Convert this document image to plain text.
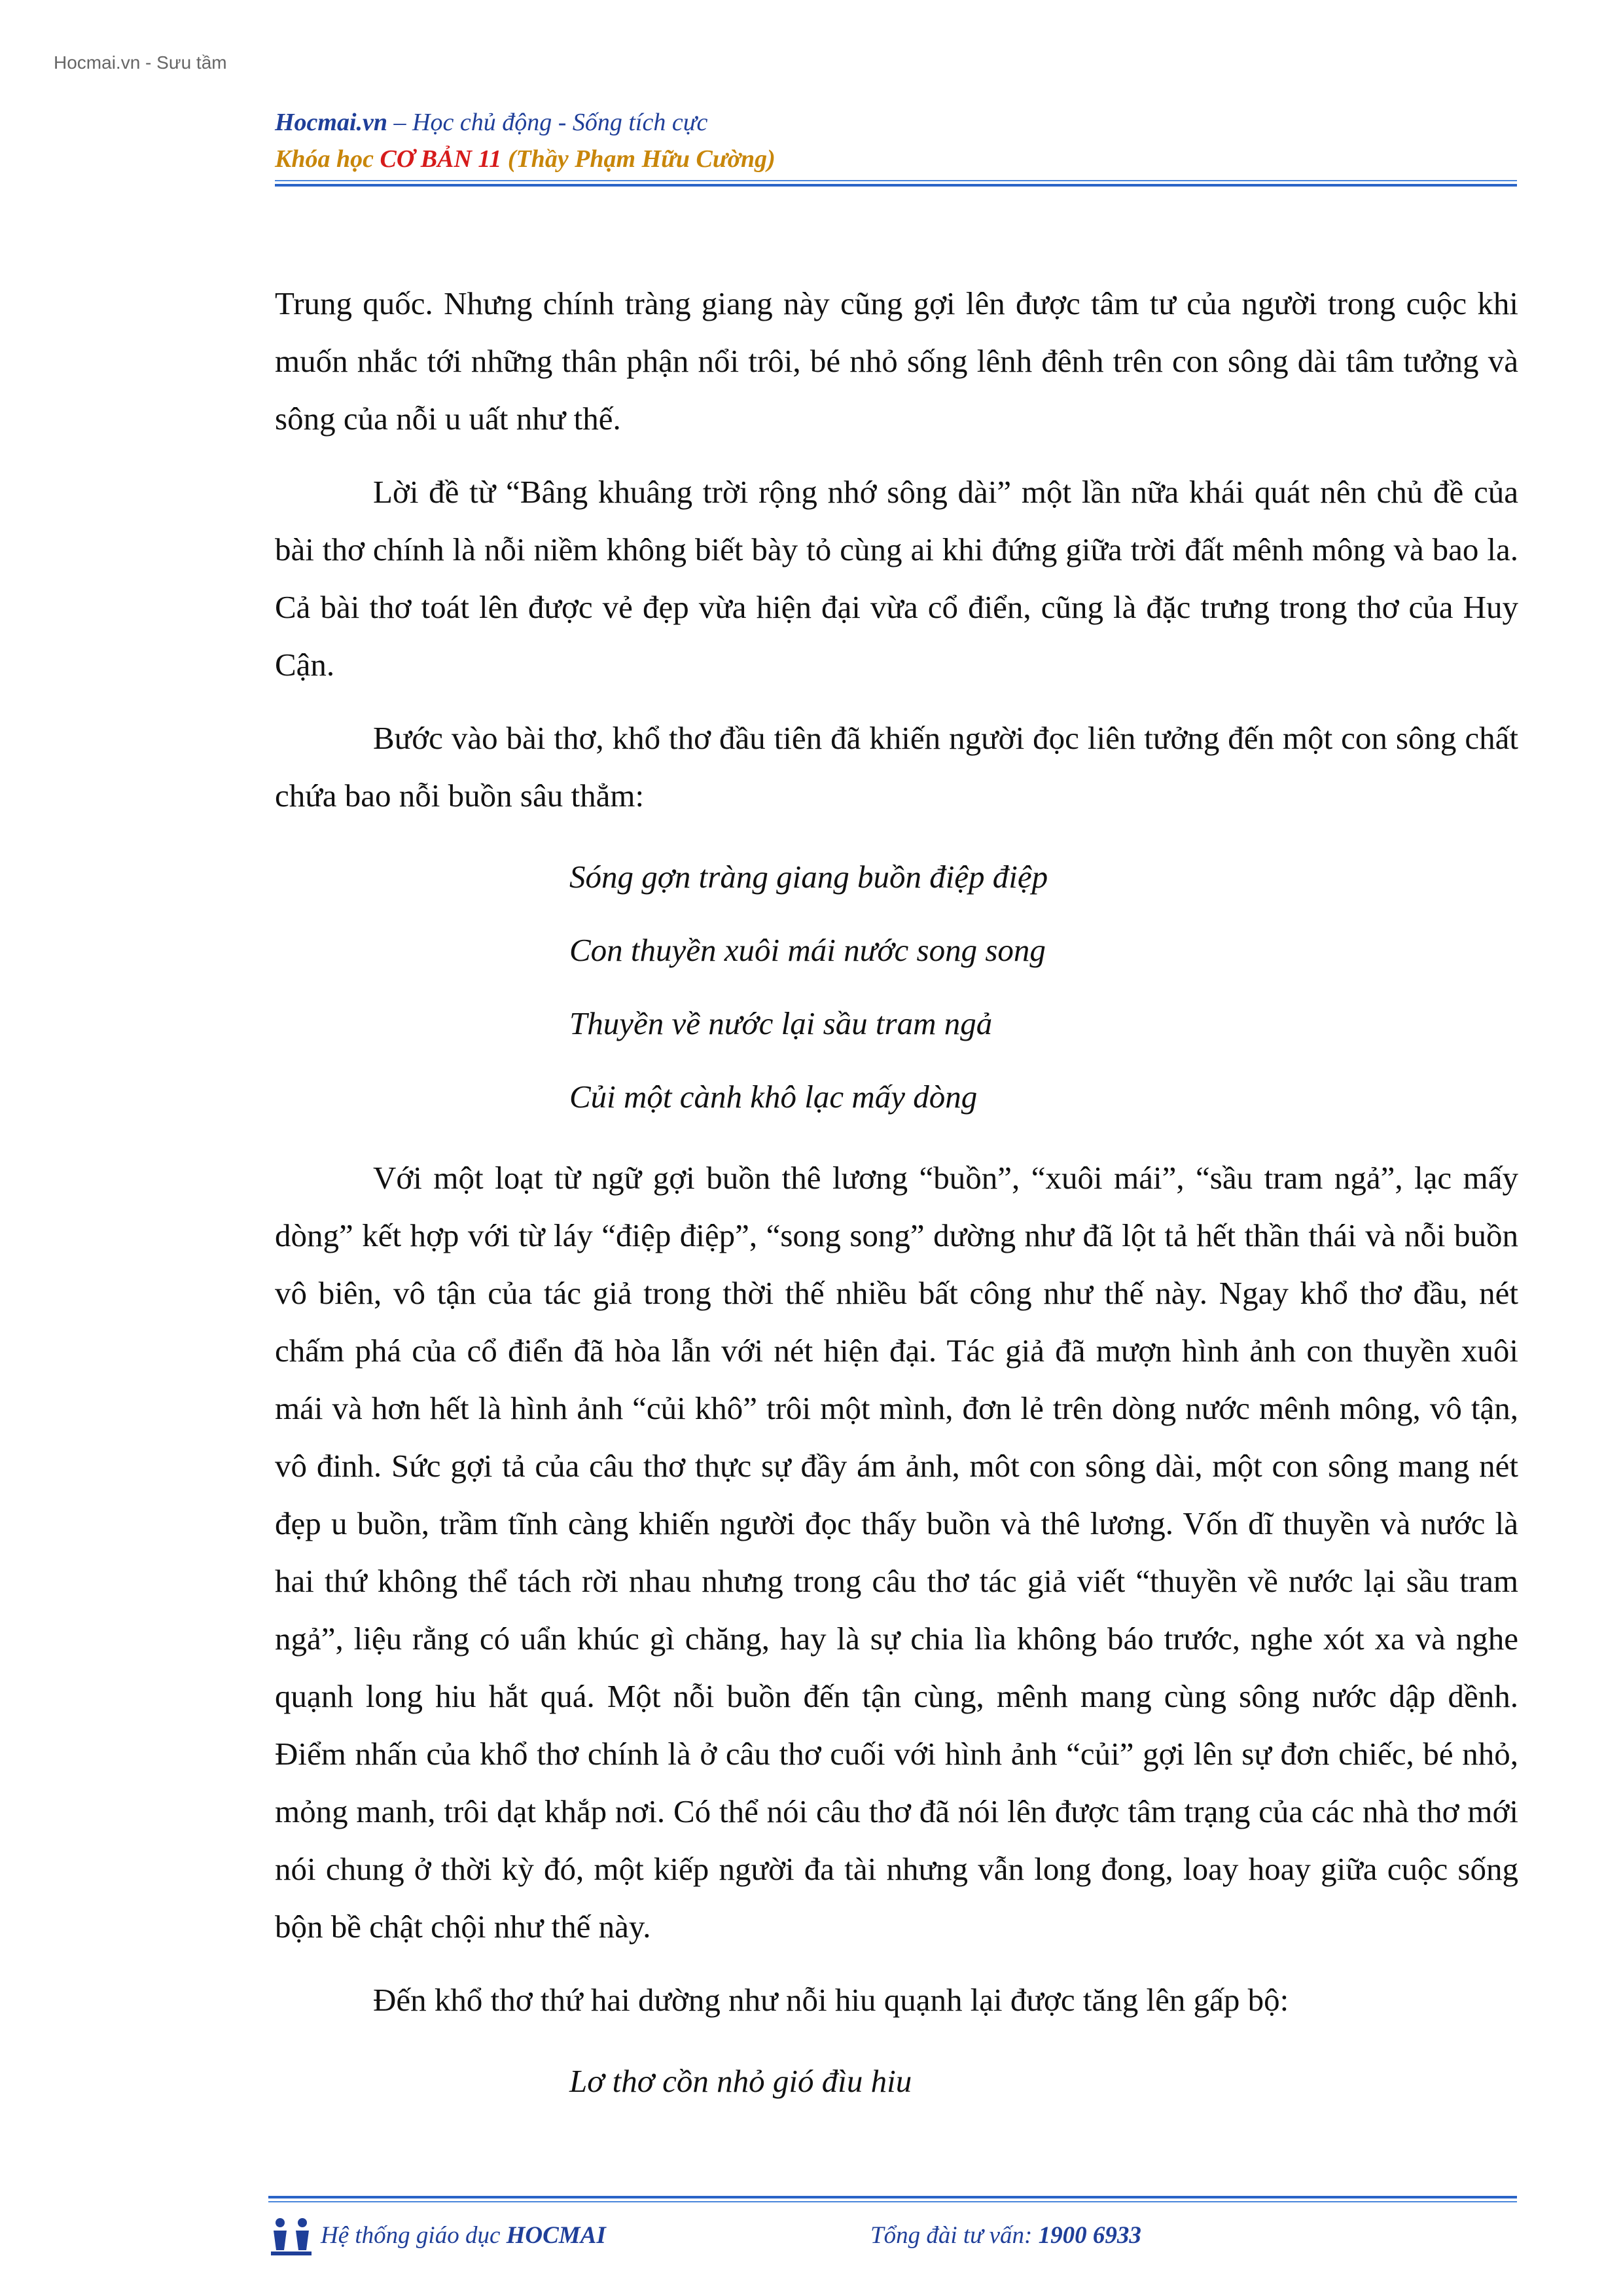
Hocmai.vn - Sưu tầm
Hocmai.vn – Học chủ động - Sống tích cực
Khóa học CƠ BẢN 11 (Thầy Phạm Hữu Cường)

Trung quốc. Nhưng chính tràng giang này cũng gợi lên được tâm tư của người trong cuộc khi muốn nhắc tới những thân phận nổi trôi, bé nhỏ sống lênh đênh trên con sông dài tâm tưởng và sông của nỗi u uất như thế.

Lời đề từ “Bâng khuâng trời rộng nhớ sông dài” một lần nữa khái quát nên chủ đề của bài thơ chính là nỗi niềm không biết bày tỏ cùng ai khi đứng giữa trời đất mênh mông và bao la. Cả bài thơ toát lên được vẻ đẹp vừa hiện đại vừa cổ điển, cũng là đặc trưng trong thơ của Huy Cận.

Bước vào bài thơ, khổ thơ đầu tiên đã khiến người đọc liên tưởng đến một con sông chất chứa bao nỗi buồn sâu thẳm:

Sóng gợn tràng giang buồn điệp điệp
Con thuyền xuôi mái nước song song
Thuyền về nước lại sầu tram ngả
Củi một cành khô lạc mấy dòng

Với một loạt từ ngữ gợi buồn thê lương “buồn”, “xuôi mái”, “sầu tram ngả”, lạc mấy dòng” kết hợp với từ láy “điệp điệp”, “song song” dường như đã lột tả hết thần thái và nỗi buồn vô biên, vô tận của tác giả trong thời thế nhiều bất công như thế này. Ngay khổ thơ đầu, nét chấm phá của cổ điển đã hòa lẫn với nét hiện đại. Tác giả đã mượn hình ảnh con thuyền xuôi mái và hơn hết là hình ảnh “củi khô” trôi một mình, đơn lẻ trên dòng nước mênh mông, vô tận, vô đinh. Sức gợi tả của câu thơ thực sự đầy ám ảnh, môt con sông dài, một con sông mang nét đẹp u buồn, trầm tĩnh càng khiến người đọc thấy buồn và thê lương. Vốn dĩ thuyền và nước là hai thứ không thể tách rời nhau nhưng trong câu thơ tác giả viết “thuyền về nước lại sầu tram ngả”, liệu rằng có uẩn khúc gì chăng, hay là sự chia lìa không báo trước, nghe xót xa và nghe quạnh long hiu hắt quá. Một nỗi buồn đến tận cùng, mênh mang cùng sông nước dập dềnh. Điểm nhấn của khổ thơ chính là ở câu thơ cuối với hình ảnh “củi” gợi lên sự đơn chiếc, bé nhỏ, mỏng manh, trôi dạt khắp nơi. Có thể nói câu thơ đã nói lên được tâm trạng của các nhà thơ mới nói chung ở thời kỳ đó, một kiếp người đa tài nhưng vẫn long đong, loay hoay giữa cuộc sống bộn bề chật chội như thế này.

Đến khổ thơ thứ hai dường như nỗi hiu quạnh lại được tăng lên gấp bộ:

Lơ thơ cồn nhỏ gió đìu hiu
Hệ thống giáo dục HOCMAI	Tổng đài tư vấn: 1900 6933
